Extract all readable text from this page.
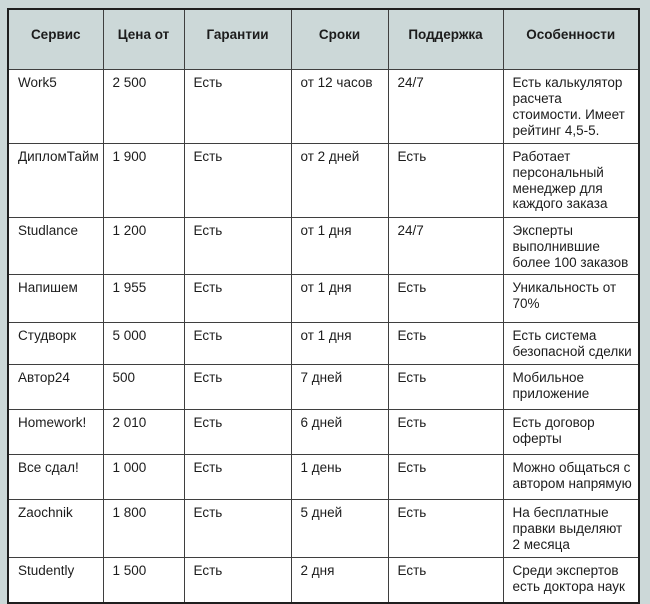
Сервис	Цена от	Гарантии	Сроки	Поддержка	Особенности
Work5	2 500	Есть	от 12 часов	24/7	Есть калькулятор расчета стоимости. Имеет рейтинг 4,5-5.
ДипломТайм	1 900	Есть	от 2 дней	Есть	Работает персональный менеджер для каждого заказа
Studlance	1 200	Есть	от 1 дня	24/7	Эксперты выполнившие более 100 заказов
Напишем	1 955	Есть	от 1 дня	Есть	Уникальность от 70%
Студворк	5 000	Есть	от 1 дня	Есть	Есть система безопасной сделки
Автор24	500	Есть	7 дней	Есть	Мобильное приложение
Homework!	2 010	Есть	6 дней	Есть	Есть договор оферты
Все сдал!	1 000	Есть	1 день	Есть	Можно общаться с автором напрямую
Zaochnik	1 800	Есть	5 дней	Есть	На бесплатные правки выделяют 2 месяца
Studently	1 500	Есть	2 дня	Есть	Среди экспертов есть доктора наук
